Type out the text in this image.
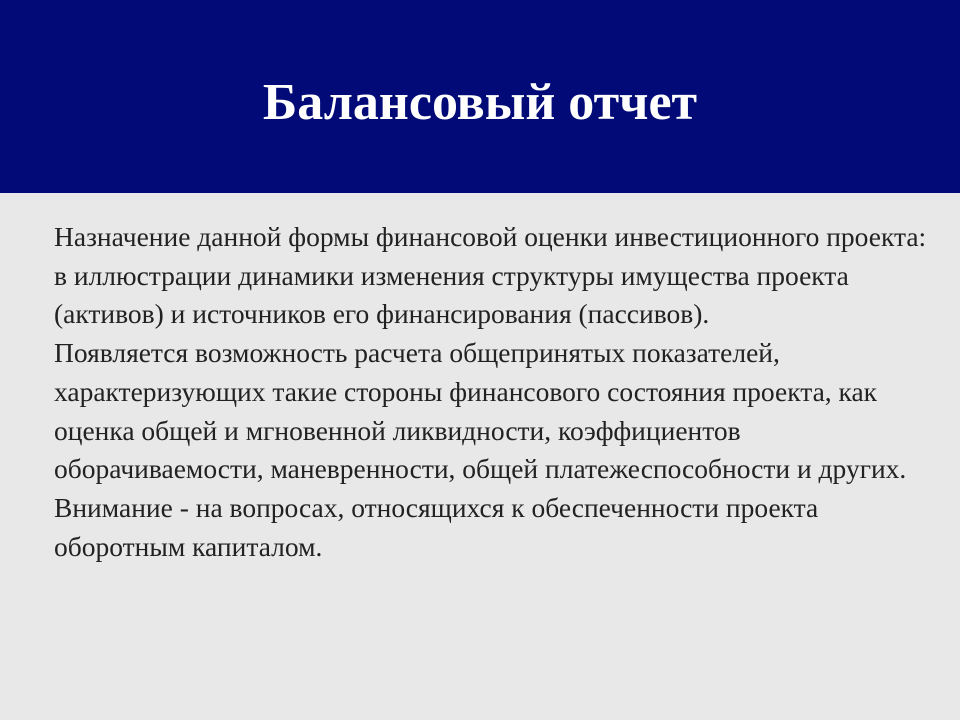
Балансовый отчет

Назначение данной формы финансовой оценки инвестиционного проекта:

в иллюстрации динамики изменения структуры имущества проекта (активов) и источников его финансирования (пассивов).

Появляется возможность расчета общепринятых показателей, характеризующих такие стороны финансового состояния проекта, как оценка общей и мгновенной ликвидности, коэффициентов оборачиваемости, маневренности, общей платежеспособности и других.

Внимание - на вопросах, относящихся к обеспеченности проекта оборотным капиталом.
